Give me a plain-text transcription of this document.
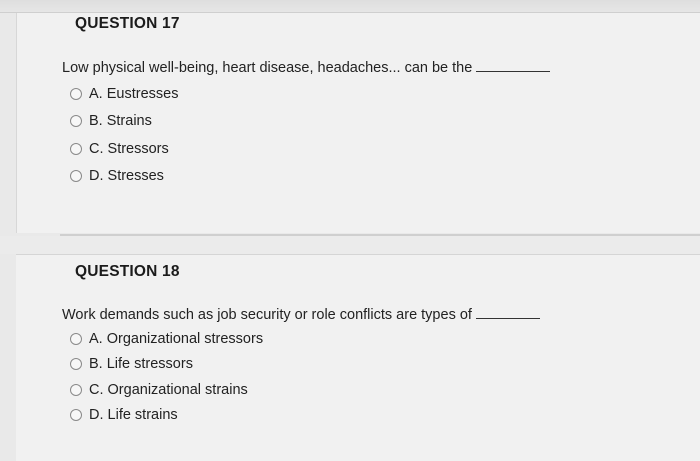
QUESTION 17
Low physical well-being, heart disease, headaches... can be the
A. Eustresses
B. Strains
C. Stressors
D. Stresses
QUESTION 18
Work demands such as job security or role conflicts are types of
A. Organizational stressors
B. Life stressors
C. Organizational strains
D. Life strains
